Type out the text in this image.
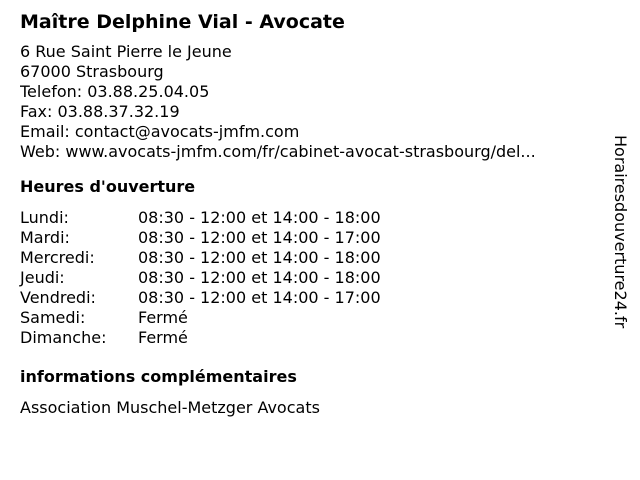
Maître Delphine Vial - Avocate
6 Rue Saint Pierre le Jeune
67000 Strasbourg
Telefon: 03.88.25.04.05
Fax: 03.88.37.32.19
Email: contact@avocats-jmfm.com
Web: www.avocats-jmfm.com/fr/cabinet-avocat-strasbourg/del...
Heures d'ouverture
Lundi:	08:30 - 12:00 et 14:00 - 18:00
Mardi:	08:30 - 12:00 et 14:00 - 17:00
Mercredi:	08:30 - 12:00 et 14:00 - 18:00
Jeudi:	08:30 - 12:00 et 14:00 - 18:00
Vendredi:	08:30 - 12:00 et 14:00 - 17:00
Samedi:	Fermé
Dimanche:	Fermé
informations complémentaires
Association Muschel-Metzger Avocats
Horairesdouverture24.fr
